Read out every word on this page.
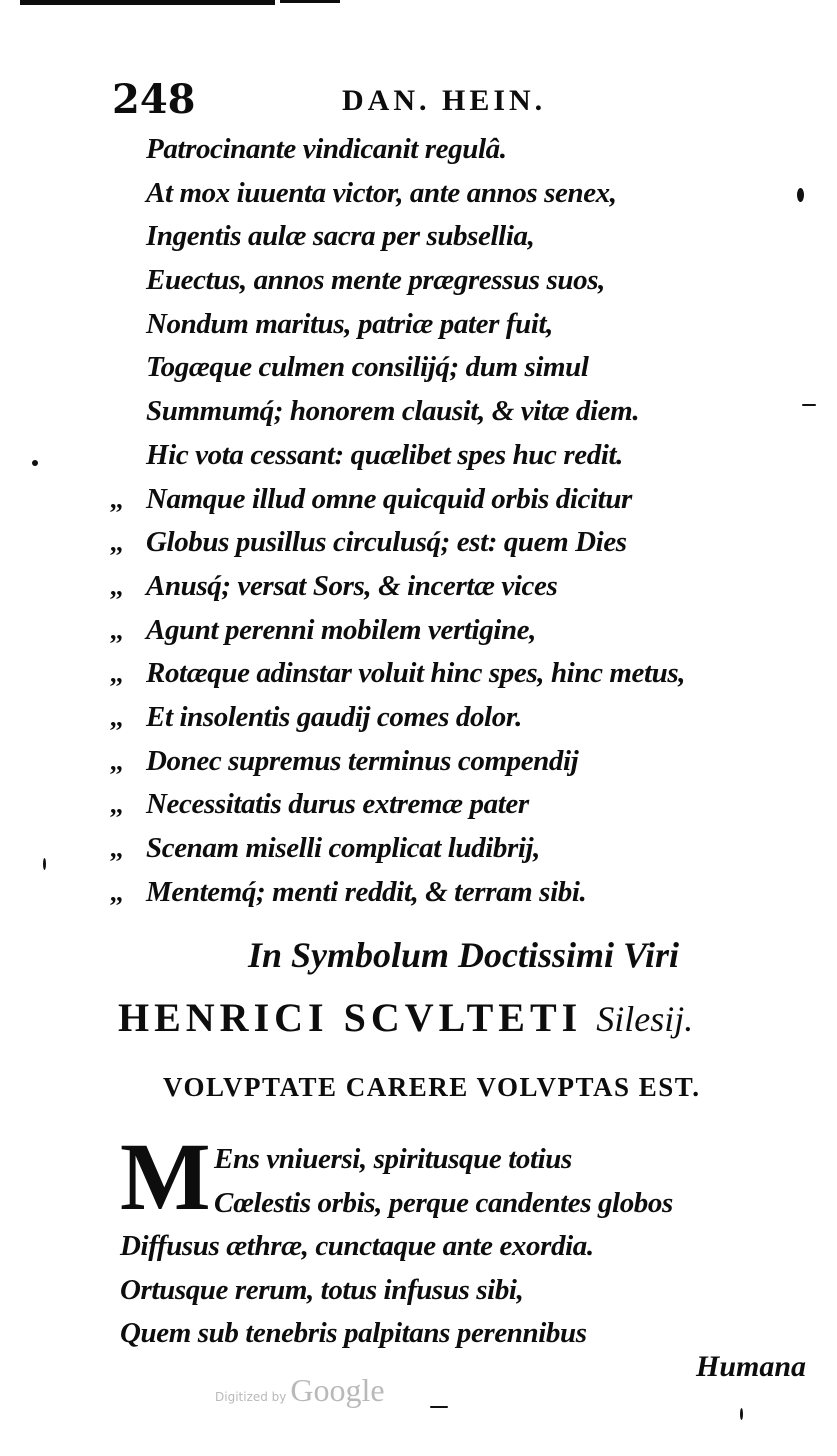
248	DAN. HEIN.
Patrocinante vindicanit regulâ.
At mox iuuenta victor, ante annos senex,
Ingentis aulæ sacra per subsellia,
Euectus, annos mente prægressus suos,
Nondum maritus, patriæ pater fuit,
Togæque culmen consilijq́; dum simul
Summumq́; honorem clausit, & vitæ diem.
Hic vota cessant: quælibet spes huc redit.
,, Namque illud omne quicquid orbis dicitur
,, Globus pusillus circulusq́; est: quem Dies
,, Anusq́; versat Sors, & incertæ vices
,, Agunt perenni mobilem vertigine,
,, Rotæque adinstar voluit hinc spes, hinc metus,
,, Et insolentis gaudij comes dolor.
,, Donec supremus terminus compendij
,, Necessitatis durus extremæ pater
,, Scenam miselli complicat ludibrij,
,, Mentemq́; menti reddit, & terram sibi.
In Symbolum Doctissimi Viri
HENRICI SCVLTETI Silesij.
VOLVPTATE CARERE VOLVPTAS EST.
M Ens vniuersi, spiritusque totius
Cœlestis orbis, perque candentes globos
Diffusus æthræ, cunctaque ante exordia.
Ortusque rerum, totus infusus sibi,
Quem sub tenebris palpitans perennibus
Humana
Digitized by Google
